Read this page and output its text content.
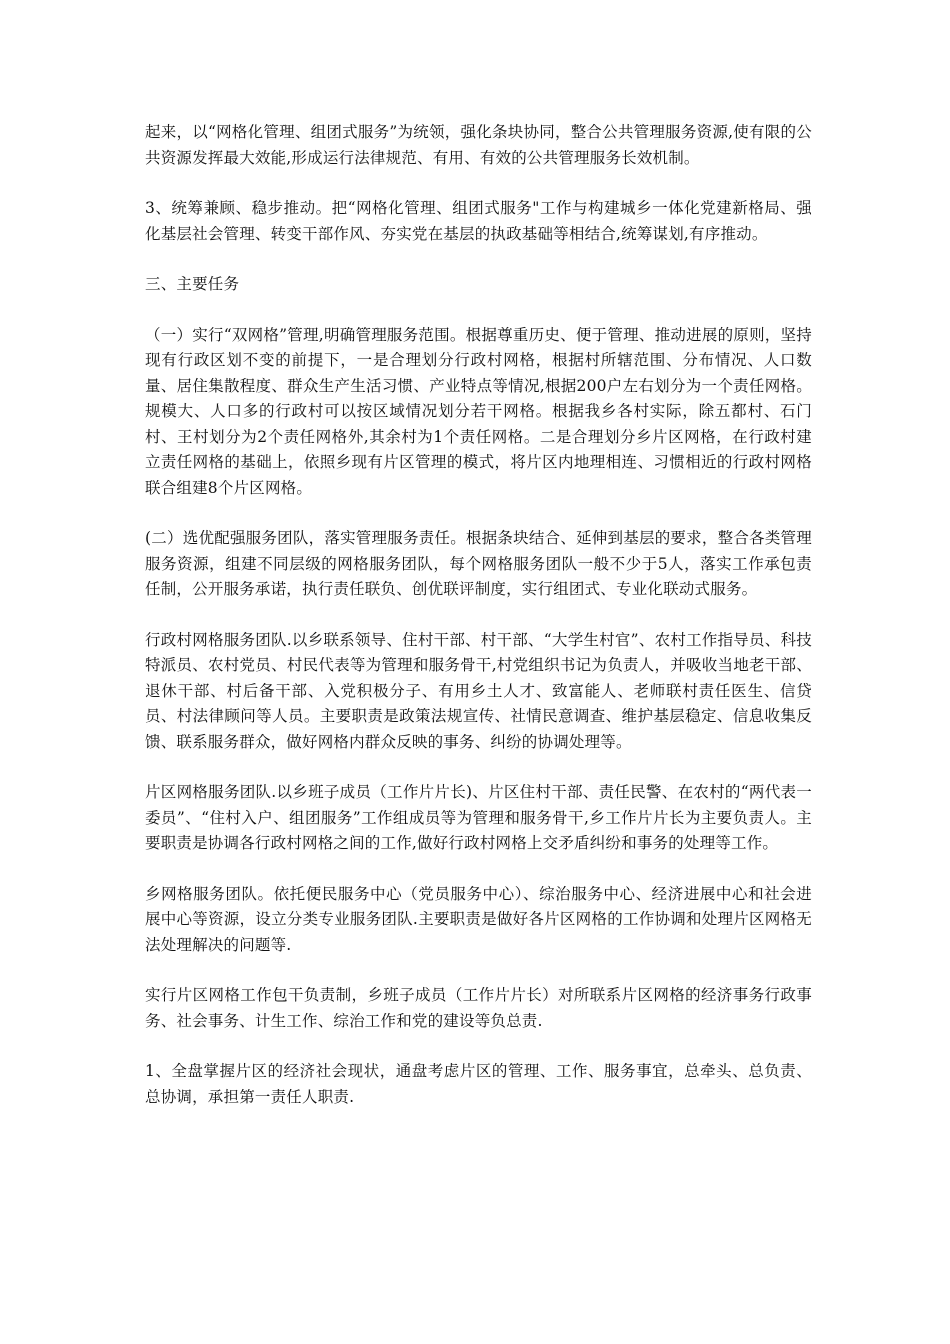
起来，以“网格化管理、组团式服务”为统领，强化条块协同，整合公共管理服务资源,使有限的公共资源发挥最大效能,形成运行法律规范、有用、有效的公共管理服务长效机制。

3、统筹兼顾、稳步推动。把“网格化管理、组团式服务"工作与构建城乡一体化党建新格局、强化基层社会管理、转变干部作风、夯实党在基层的执政基础等相结合,统筹谋划,有序推动。

三、主要任务

（一）实行“双网格”管理,明确管理服务范围。根据尊重历史、便于管理、推动进展的原则，坚持现有行政区划不变的前提下，一是合理划分行政村网格，根据村所辖范围、分布情况、人口数量、居住集散程度、群众生产生活习惯、产业特点等情况,根据200户左右划分为一个责任网格。规模大、人口多的行政村可以按区域情况划分若干网格。根据我乡各村实际，除五都村、石门村、王村划分为2个责任网格外,其余村为1个责任网格。二是合理划分乡片区网格，在行政村建立责任网格的基础上，依照乡现有片区管理的模式，将片区内地理相连、习惯相近的行政村网格联合组建8个片区网格。

(二）选优配强服务团队，落实管理服务责任。根据条块结合、延伸到基层的要求，整合各类管理服务资源，组建不同层级的网格服务团队，每个网格服务团队一般不少于5人，落实工作承包责任制，公开服务承诺，执行责任联负、创优联评制度，实行组团式、专业化联动式服务。

行政村网格服务团队.以乡联系领导、住村干部、村干部、“大学生村官”、农村工作指导员、科技特派员、农村党员、村民代表等为管理和服务骨干,村党组织书记为负责人，并吸收当地老干部、退休干部、村后备干部、入党积极分子、有用乡土人才、致富能人、老师联村责任医生、信贷员、村法律顾问等人员。主要职责是政策法规宣传、社情民意调查、维护基层稳定、信息收集反馈、联系服务群众，做好网格内群众反映的事务、纠纷的协调处理等。

片区网格服务团队.以乡班子成员（工作片片长)、片区住村干部、责任民警、在农村的“两代表一委员”、“住村入户、组团服务”工作组成员等为管理和服务骨干,乡工作片片长为主要负责人。主要职责是协调各行政村网格之间的工作,做好行政村网格上交矛盾纠纷和事务的处理等工作。

乡网格服务团队。依托便民服务中心（党员服务中心）、综治服务中心、经济进展中心和社会进展中心等资源，设立分类专业服务团队.主要职责是做好各片区网格的工作协调和处理片区网格无法处理解决的问题等.

实行片区网格工作包干负责制，乡班子成员（工作片片长）对所联系片区网格的经济事务行政事务、社会事务、计生工作、综治工作和党的建设等负总责.

1、全盘掌握片区的经济社会现状，通盘考虑片区的管理、工作、服务事宜，总牵头、总负责、总协调，承担第一责任人职责.
